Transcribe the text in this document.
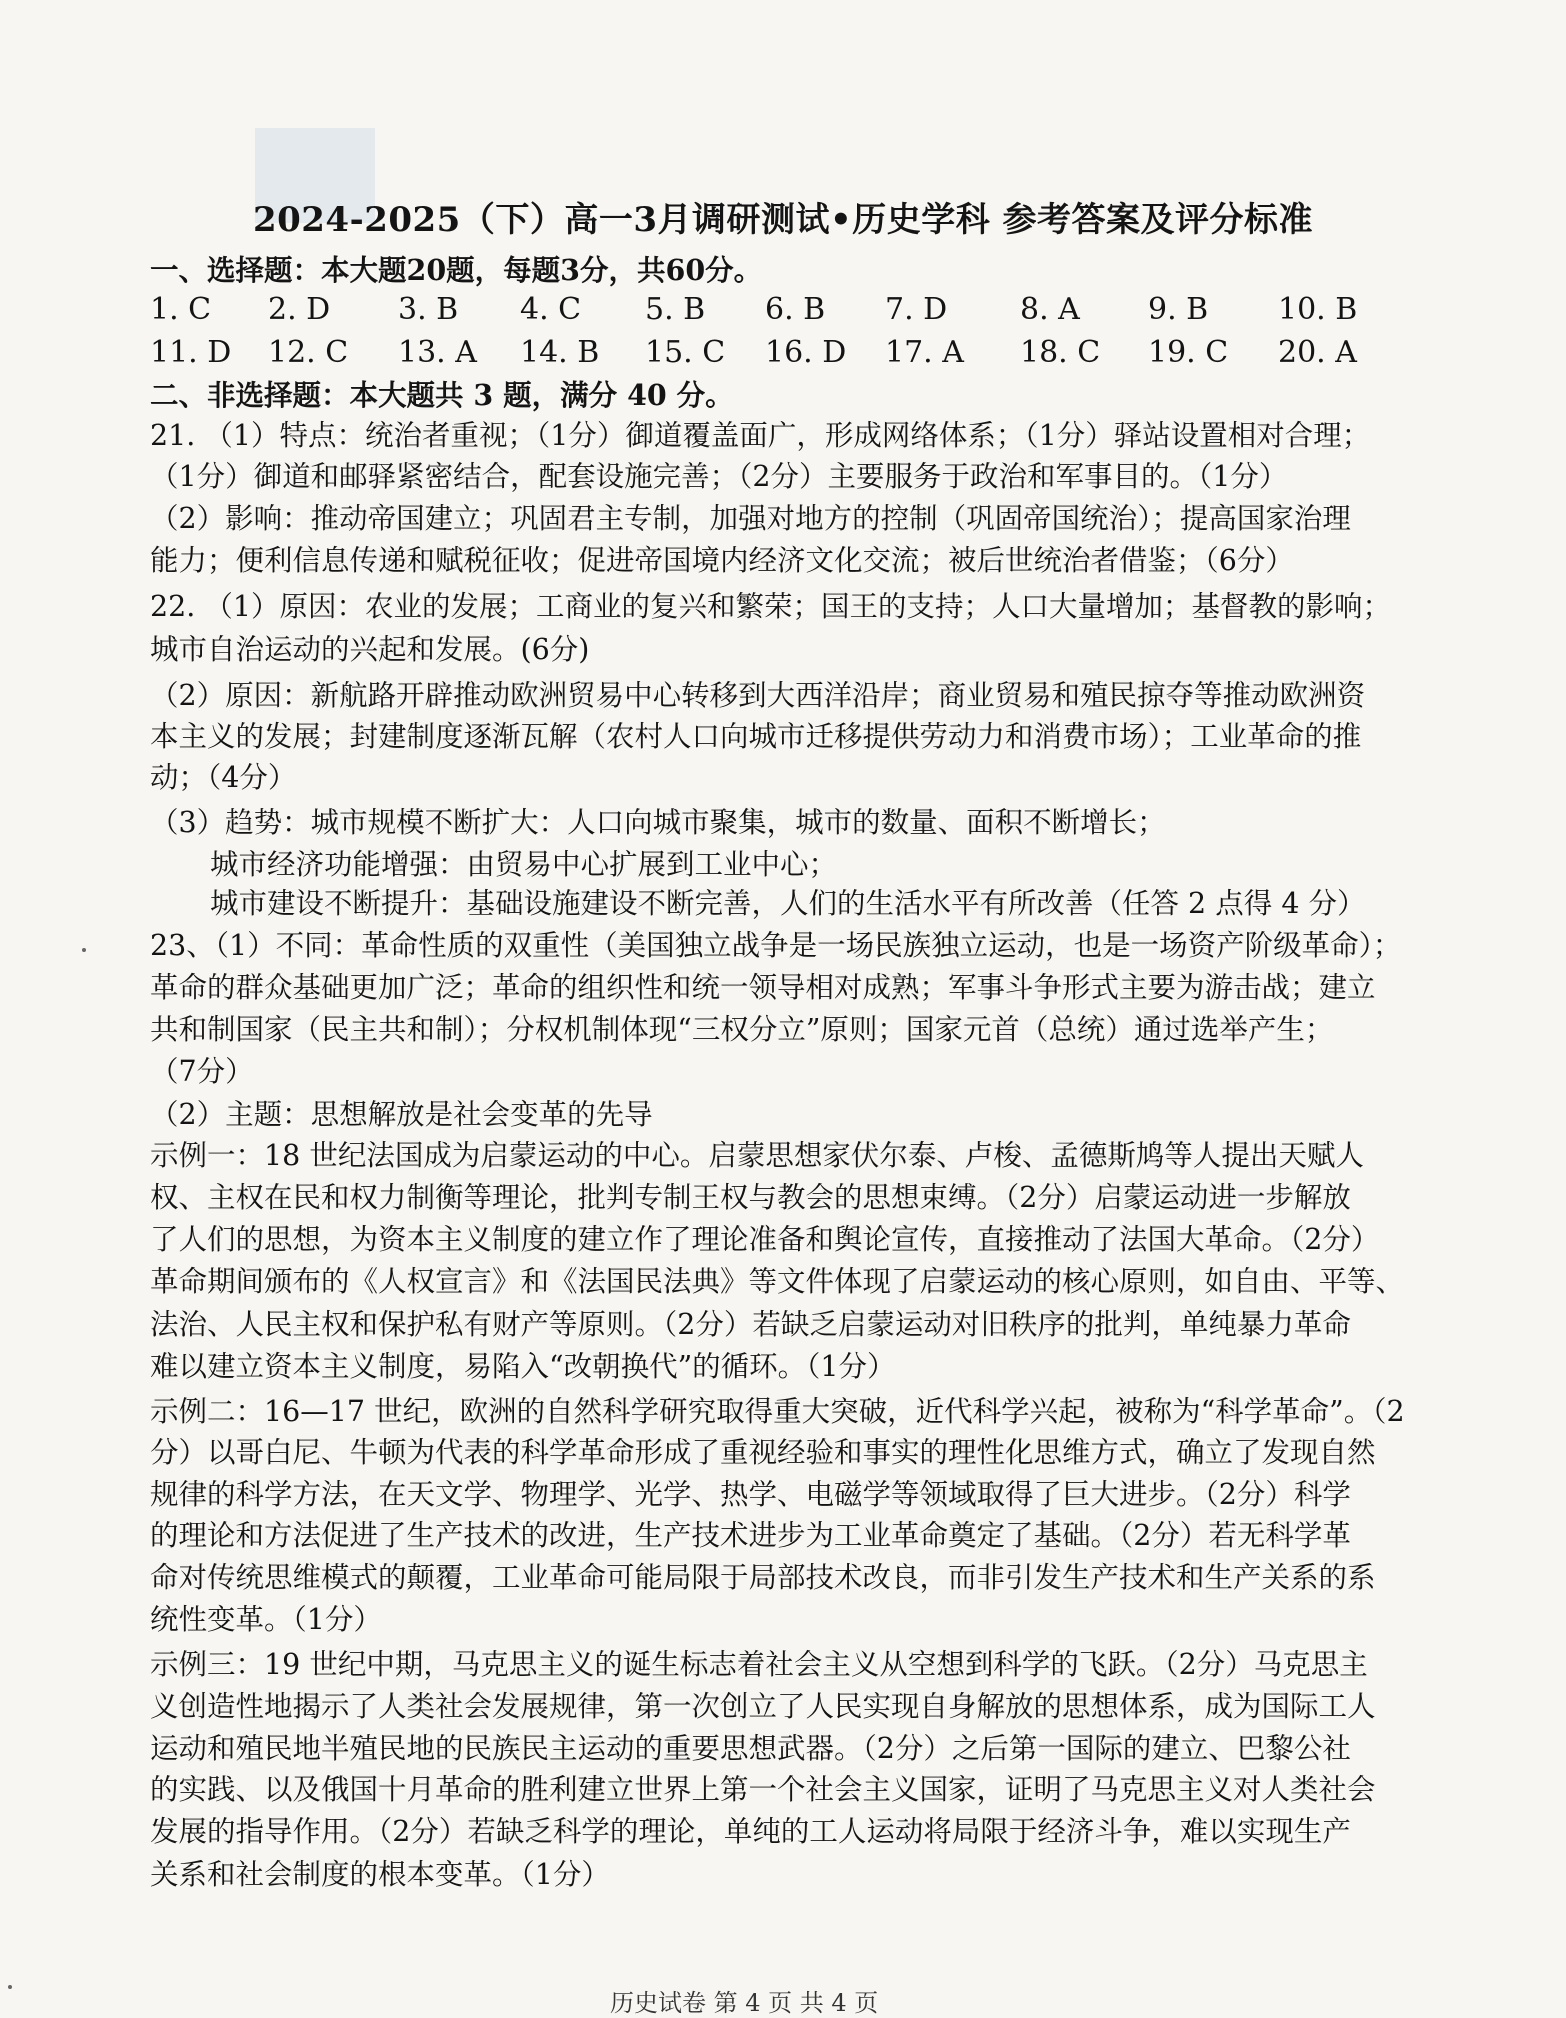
2024-2025（下）高一3月调研测试•历史学科 参考答案及评分标准
一、选择题：本大题20题，每题3分，共60分。
1. C 2. D 3. B 4. C 5. B 6. B 7. D 8. A 9. B 10. B
11. D 12. C 13. A 14. B 15. C 16. D 17. A 18. C 19. C 20. A
二、非选择题：本大题共 3 题，满分 40 分。
21. （1）特点：统治者重视；（1分）御道覆盖面广，形成网络体系；（1分）驿站设置相对合理；
（1分）御道和邮驿紧密结合，配套设施完善；（2分）主要服务于政治和军事目的。（1分）
（2）影响：推动帝国建立；巩固君主专制，加强对地方的控制（巩固帝国统治）；提高国家治理
能力；便利信息传递和赋税征收；促进帝国境内经济文化交流；被后世统治者借鉴；（6分）
22. （1）原因：农业的发展；工商业的复兴和繁荣；国王的支持；人口大量增加；基督教的影响；
城市自治运动的兴起和发展。(6分)
（2）原因：新航路开辟推动欧洲贸易中心转移到大西洋沿岸；商业贸易和殖民掠夺等推动欧洲资
本主义的发展；封建制度逐渐瓦解（农村人口向城市迁移提供劳动力和消费市场）；工业革命的推
动；（4分）
（3）趋势：城市规模不断扩大：人口向城市聚集，城市的数量、面积不断增长；
城市经济功能增强：由贸易中心扩展到工业中心；
城市建设不断提升：基础设施建设不断完善，人们的生活水平有所改善（任答 2 点得 4 分）
23、（1）不同：革命性质的双重性（美国独立战争是一场民族独立运动，也是一场资产阶级革命）；
革命的群众基础更加广泛；革命的组织性和统一领导相对成熟；军事斗争形式主要为游击战；建立
共和制国家（民主共和制）；分权机制体现“三权分立”原则；国家元首（总统）通过选举产生；
（7分）
（2）主题：思想解放是社会变革的先导
示例一：18 世纪法国成为启蒙运动的中心。启蒙思想家伏尔泰、卢梭、孟德斯鸠等人提出天赋人
权、主权在民和权力制衡等理论，批判专制王权与教会的思想束缚。（2分）启蒙运动进一步解放
了人们的思想，为资本主义制度的建立作了理论准备和舆论宣传，直接推动了法国大革命。（2分）
革命期间颁布的《人权宣言》和《法国民法典》等文件体现了启蒙运动的核心原则，如自由、平等、
法治、人民主权和保护私有财产等原则。（2分）若缺乏启蒙运动对旧秩序的批判，单纯暴力革命
难以建立资本主义制度，易陷入“改朝换代”的循环。（1分）
示例二：16—17 世纪，欧洲的自然科学研究取得重大突破，近代科学兴起，被称为“科学革命”。（2
分）以哥白尼、牛顿为代表的科学革命形成了重视经验和事实的理性化思维方式，确立了发现自然
规律的科学方法，在天文学、物理学、光学、热学、电磁学等领域取得了巨大进步。（2分）科学
的理论和方法促进了生产技术的改进，生产技术进步为工业革命奠定了基础。（2分）若无科学革
命对传统思维模式的颠覆，工业革命可能局限于局部技术改良，而非引发生产技术和生产关系的系
统性变革。（1分）
示例三：19 世纪中期，马克思主义的诞生标志着社会主义从空想到科学的飞跃。（2分）马克思主
义创造性地揭示了人类社会发展规律，第一次创立了人民实现自身解放的思想体系，成为国际工人
运动和殖民地半殖民地的民族民主运动的重要思想武器。（2分）之后第一国际的建立、巴黎公社
的实践、以及俄国十月革命的胜利建立世界上第一个社会主义国家，证明了马克思主义对人类社会
发展的指导作用。（2分）若缺乏科学的理论，单纯的工人运动将局限于经济斗争，难以实现生产
关系和社会制度的根本变革。（1分）
历史试卷 第 4 页 共 4 页
